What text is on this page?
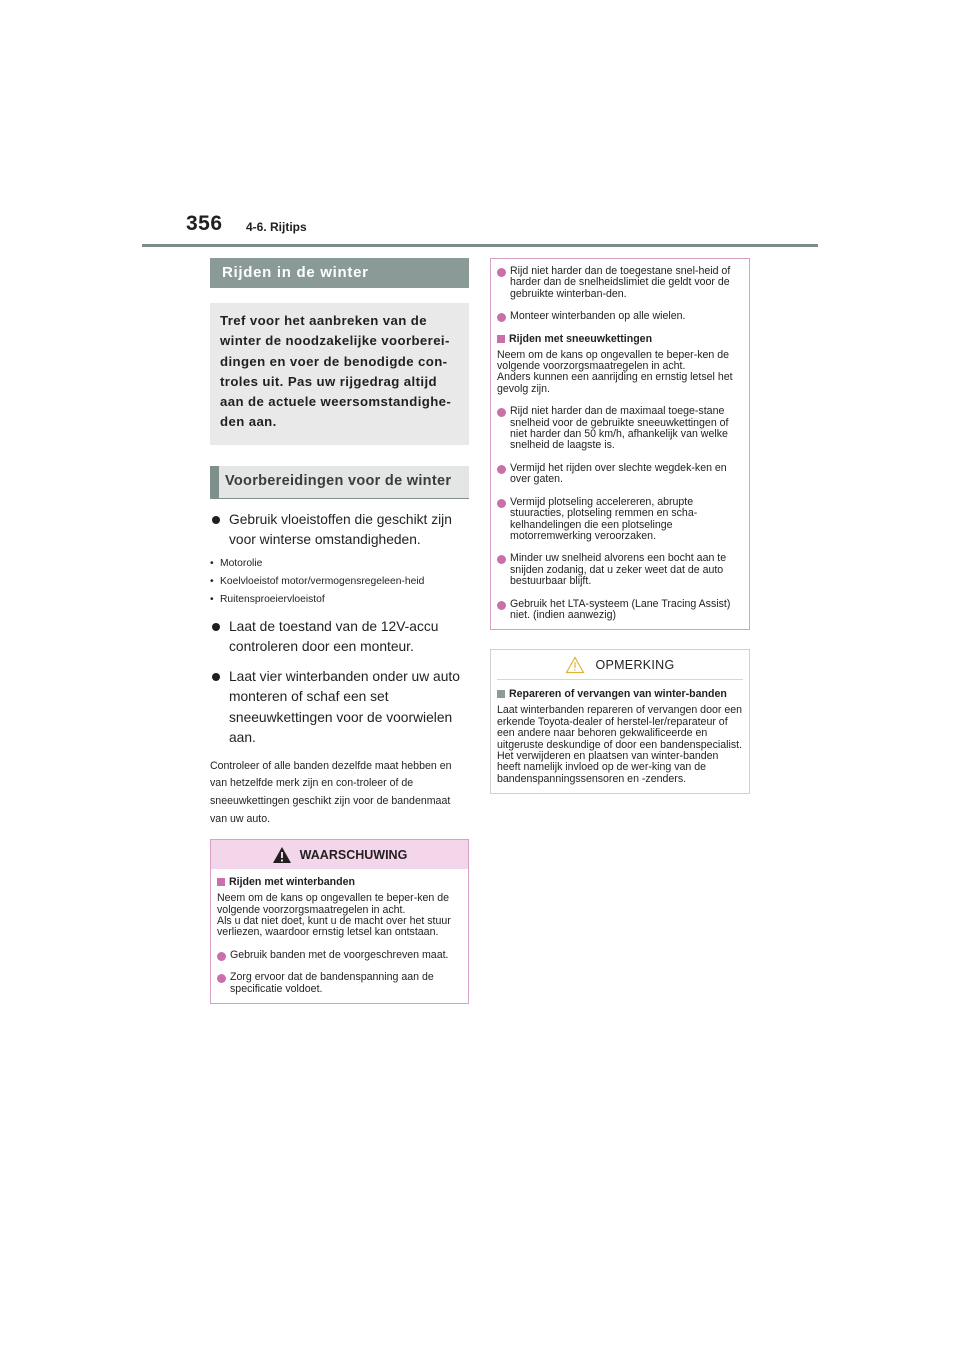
356 4-6. Rijtips
Rijden in de winter
Tref voor het aanbreken van de winter de noodzakelijke voorberei-dingen en voer de benodigde con-troles uit. Pas uw rijgedrag altijd aan de actuele weersomstandighe-den aan.
Voorbereidingen voor de winter
Gebruik vloeistoffen die geschikt zijn voor winterse omstandigheden.
• Motorolie
• Koelvloeistof motor/vermogensregeleen-heid
• Ruitensproeiervloeistof
Laat de toestand van de 12V-accu controleren door een monteur.
Laat vier winterbanden onder uw auto monteren of schaf een set sneeuwkettingen voor de voorwielen aan.
Controleer of alle banden dezelfde maat hebben en van hetzelfde merk zijn en con-troleer of de sneeuwkettingen geschikt zijn voor de bandenmaat van uw auto.
WAARSCHUWING
Rijden met winterbanden
Neem om de kans op ongevallen te beper-ken de volgende voorzorgsmaatregelen in acht.
Als u dat niet doet, kunt u de macht over het stuur verliezen, waardoor ernstig letsel kan ontstaan.
Gebruik banden met de voorgeschreven maat.
Zorg ervoor dat de bandenspanning aan de specificatie voldoet.
Rijd niet harder dan de toegestane snel-heid of harder dan de snelheidslimiet die geldt voor de gebruikte winterban-den.
Monteer winterbanden op alle wielen.
Rijden met sneeuwkettingen
Neem om de kans op ongevallen te beper-ken de volgende voorzorgsmaatregelen in acht.
Anders kunnen een aanrijding en ernstig letsel het gevolg zijn.
Rijd niet harder dan de maximaal toege-stane snelheid voor de gebruikte sneeuwkettingen of niet harder dan 50 km/h, afhankelijk van welke snelheid de laagste is.
Vermijd het rijden over slechte wegdek-ken en over gaten.
Vermijd plotseling accelereren, abrupte stuuracties, plotseling remmen en scha-kelhandelingen die een plotselinge motorremwerking veroorzaken.
Minder uw snelheid alvorens een bocht aan te snijden zodanig, dat u zeker weet dat de auto bestuurbaar blijft.
Gebruik het LTA-systeem (Lane Tracing Assist) niet. (indien aanwezig)
OPMERKING
Repareren of vervangen van winter-banden
Laat winterbanden repareren of vervangen door een erkende Toyota-dealer of herstel-ler/reparateur of een andere naar behoren gekwalificeerde en uitgeruste deskundige of door een bandenspecialist.
Het verwijderen en plaatsen van winter-banden heeft namelijk invloed op de wer-king van de bandenspanningssensoren en -zenders.
